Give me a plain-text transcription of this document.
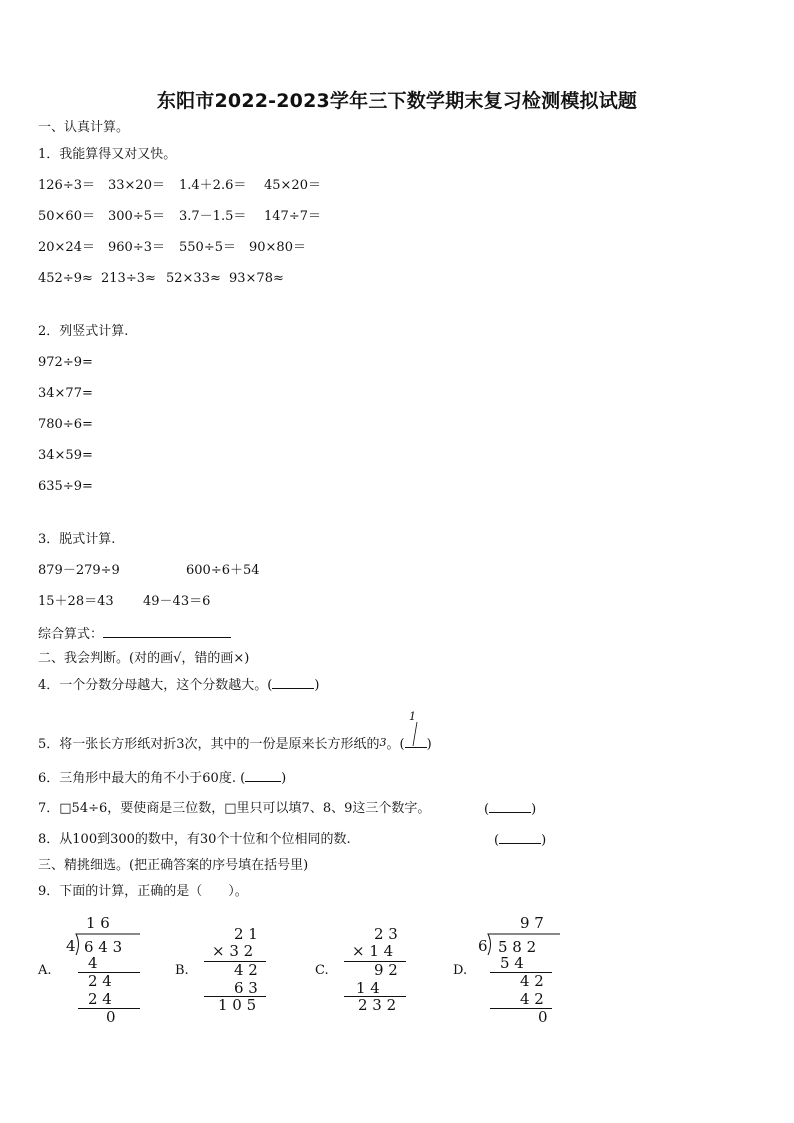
东阳市2022-2023学年三下数学期末复习检测模拟试题
一、认真计算。
1．我能算得又对又快。
126÷3＝ 33×20＝ 1.4＋2.6＝ 45×20＝
50×60＝ 300÷5＝ 3.7－1.5＝ 147÷7＝
20×24＝ 960÷3＝ 550÷5＝ 90×80＝
452÷9≈ 213÷3≈ 52×33≈ 93×78≈
2．列竖式计算.
972÷9=
34×77=
780÷6=
34×59=
635÷9=
3．脱式计算.
879－279÷9	600÷6＋54
15＋28＝43 49－43＝6
综合算式：
二、我会判断。(对的画√，错的画×)
4．一个分数分母越大，这个分数越大。(	)
1
5．将一张长方形纸对折3次，其中的一份是原来长方形纸的3。( )
6．三角形中最大的角不小于60度. (	)
7．□54÷6，要使商是三位数，□里只可以填7、8、9这三个数字。	(	)
8．从100到300的数中，有30个十位和个位相同的数.	(	)
三、精挑细选。(把正确答案的序号填在括号里)
9．下面的计算，正确的是（　　）。
A.
1 6
4 6 4 3
4
2 4
2 4
0
B.
2 1
× 3 2
4 2
6 3
1 0 5
C.
2 3
× 1 4
9 2
1 4
2 3 2
D.
9 7
6 5 8 2
5 4
4 2
4 2
0
